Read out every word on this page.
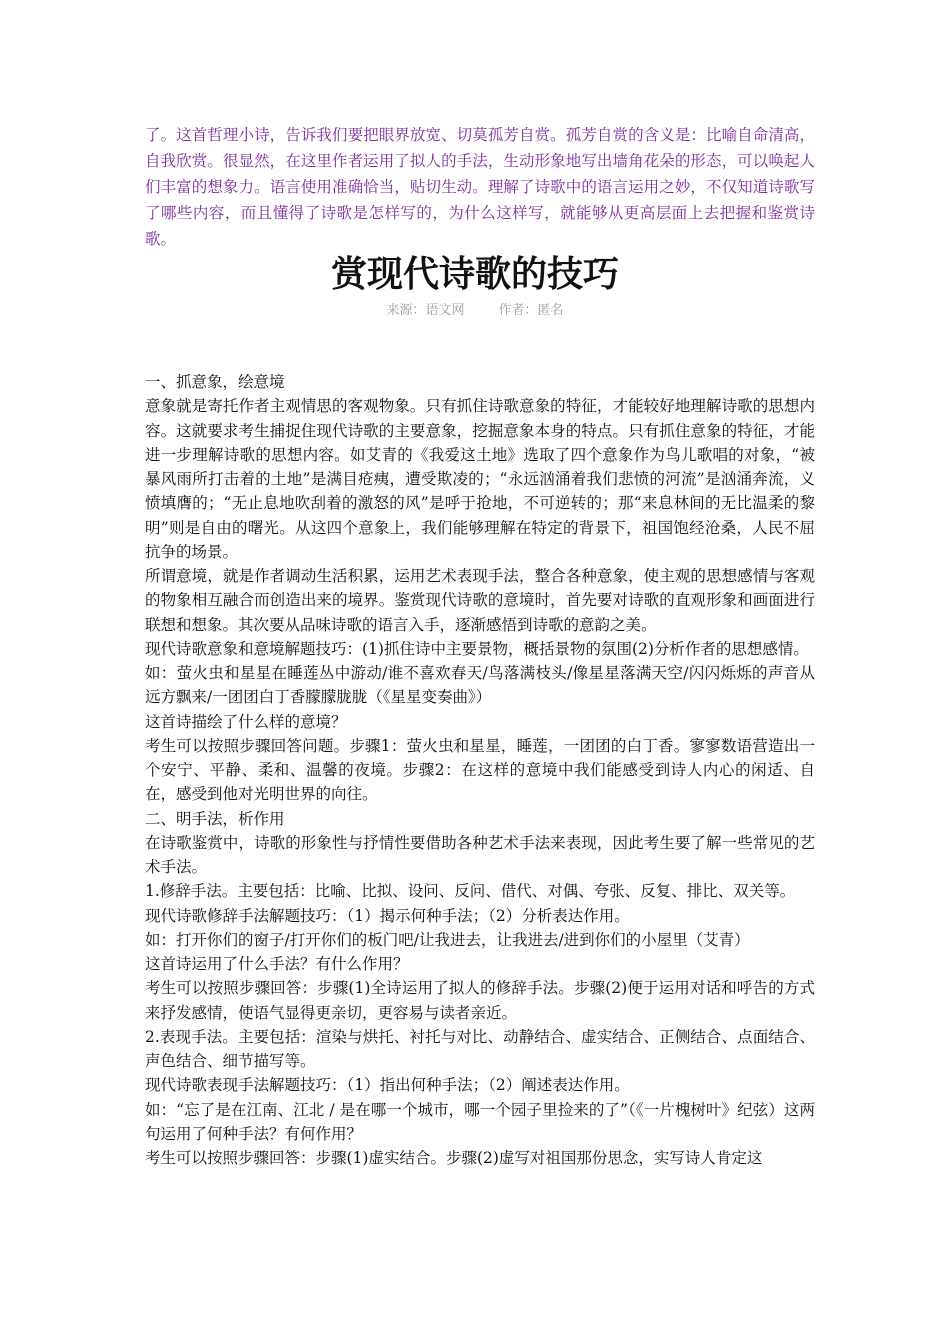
了。这首哲理小诗，告诉我们要把眼界放宽、切莫孤芳自赏。孤芳自赏的含义是：比喻自命清高，自我欣赏。很显然，在这里作者运用了拟人的手法，生动形象地写出墙角花朵的形态，可以唤起人们丰富的想象力。语言使用准确恰当，贴切生动。理解了诗歌中的语言运用之妙，不仅知道诗歌写了哪些内容，而且懂得了诗歌是怎样写的，为什么这样写，就能够从更高层面上去把握和鉴赏诗歌。

赏现代诗歌的技巧
来源：语文网	作者：匿名

一、抓意象，绘意境

意象就是寄托作者主观情思的客观物象。只有抓住诗歌意象的特征，才能较好地理解诗歌的思想内容。这就要求考生捕捉住现代诗歌的主要意象，挖掘意象本身的特点。只有抓住意象的特征，才能进一步理解诗歌的思想内容。如艾青的《我爱这土地》选取了四个意象作为鸟儿歌唱的对象，“被暴风雨所打击着的土地”是满目疮痍，遭受欺凌的；“永远汹涌着我们悲愤的河流”是汹涌奔流，义愤填膺的；“无止息地吹刮着的激怒的风”是呼于抢地，不可逆转的；那“来息林间的无比温柔的黎明”则是自由的曙光。从这四个意象上，我们能够理解在特定的背景下，祖国饱经沧桑，人民不屈抗争的场景。

所谓意境，就是作者调动生活积累，运用艺术表现手法，整合各种意象，使主观的思想感情与客观的物象相互融合而创造出来的境界。鉴赏现代诗歌的意境时，首先要对诗歌的直观形象和画面进行联想和想象。其次要从品味诗歌的语言入手，逐渐感悟到诗歌的意韵之美。

现代诗歌意象和意境解题技巧：(1)抓住诗中主要景物，概括景物的氛围(2)分析作者的思想感情。

如：萤火虫和星星在睡莲丛中游动/谁不喜欢春天/鸟落满枝头/像星星落满天空/闪闪烁烁的声音从远方飘来/一团团白丁香朦朦胧胧（《星星变奏曲》）

这首诗描绘了什么样的意境？

考生可以按照步骤回答问题。步骤1：萤火虫和星星，睡莲，一团团的白丁香。寥寥数语营造出一个安宁、平静、柔和、温馨的夜境。步骤2：在这样的意境中我们能感受到诗人内心的闲适、自在，感受到他对光明世界的向往。

二、明手法，析作用

在诗歌鉴赏中，诗歌的形象性与抒情性要借助各种艺术手法来表现，因此考生要了解一些常见的艺术手法。

1.修辞手法。主要包括：比喻、比拟、设问、反问、借代、对偶、夸张、反复、排比、双关等。

现代诗歌修辞手法解题技巧：（1）揭示何种手法；（2）分析表达作用。

如：打开你们的窗子/打开你们的板门吧/让我进去，让我进去/进到你们的小屋里（艾青）

这首诗运用了什么手法？有什么作用？

考生可以按照步骤回答：步骤(1)全诗运用了拟人的修辞手法。步骤(2)便于运用对话和呼告的方式来抒发感情，使语气显得更亲切，更容易与读者亲近。

2.表现手法。主要包括：渲染与烘托、衬托与对比、动静结合、虚实结合、正侧结合、点面结合、声色结合、细节描写等。

现代诗歌表现手法解题技巧：（1）指出何种手法；（2）阐述表达作用。

如：“忘了是在江南、江北 / 是在哪一个城市，哪一个园子里捡来的了”（《一片槐树叶》纪弦）这两句运用了何种手法？有何作用？

考生可以按照步骤回答：步骤(1)虚实结合。步骤(2)虚写对祖国那份思念，实写诗人肯定这
